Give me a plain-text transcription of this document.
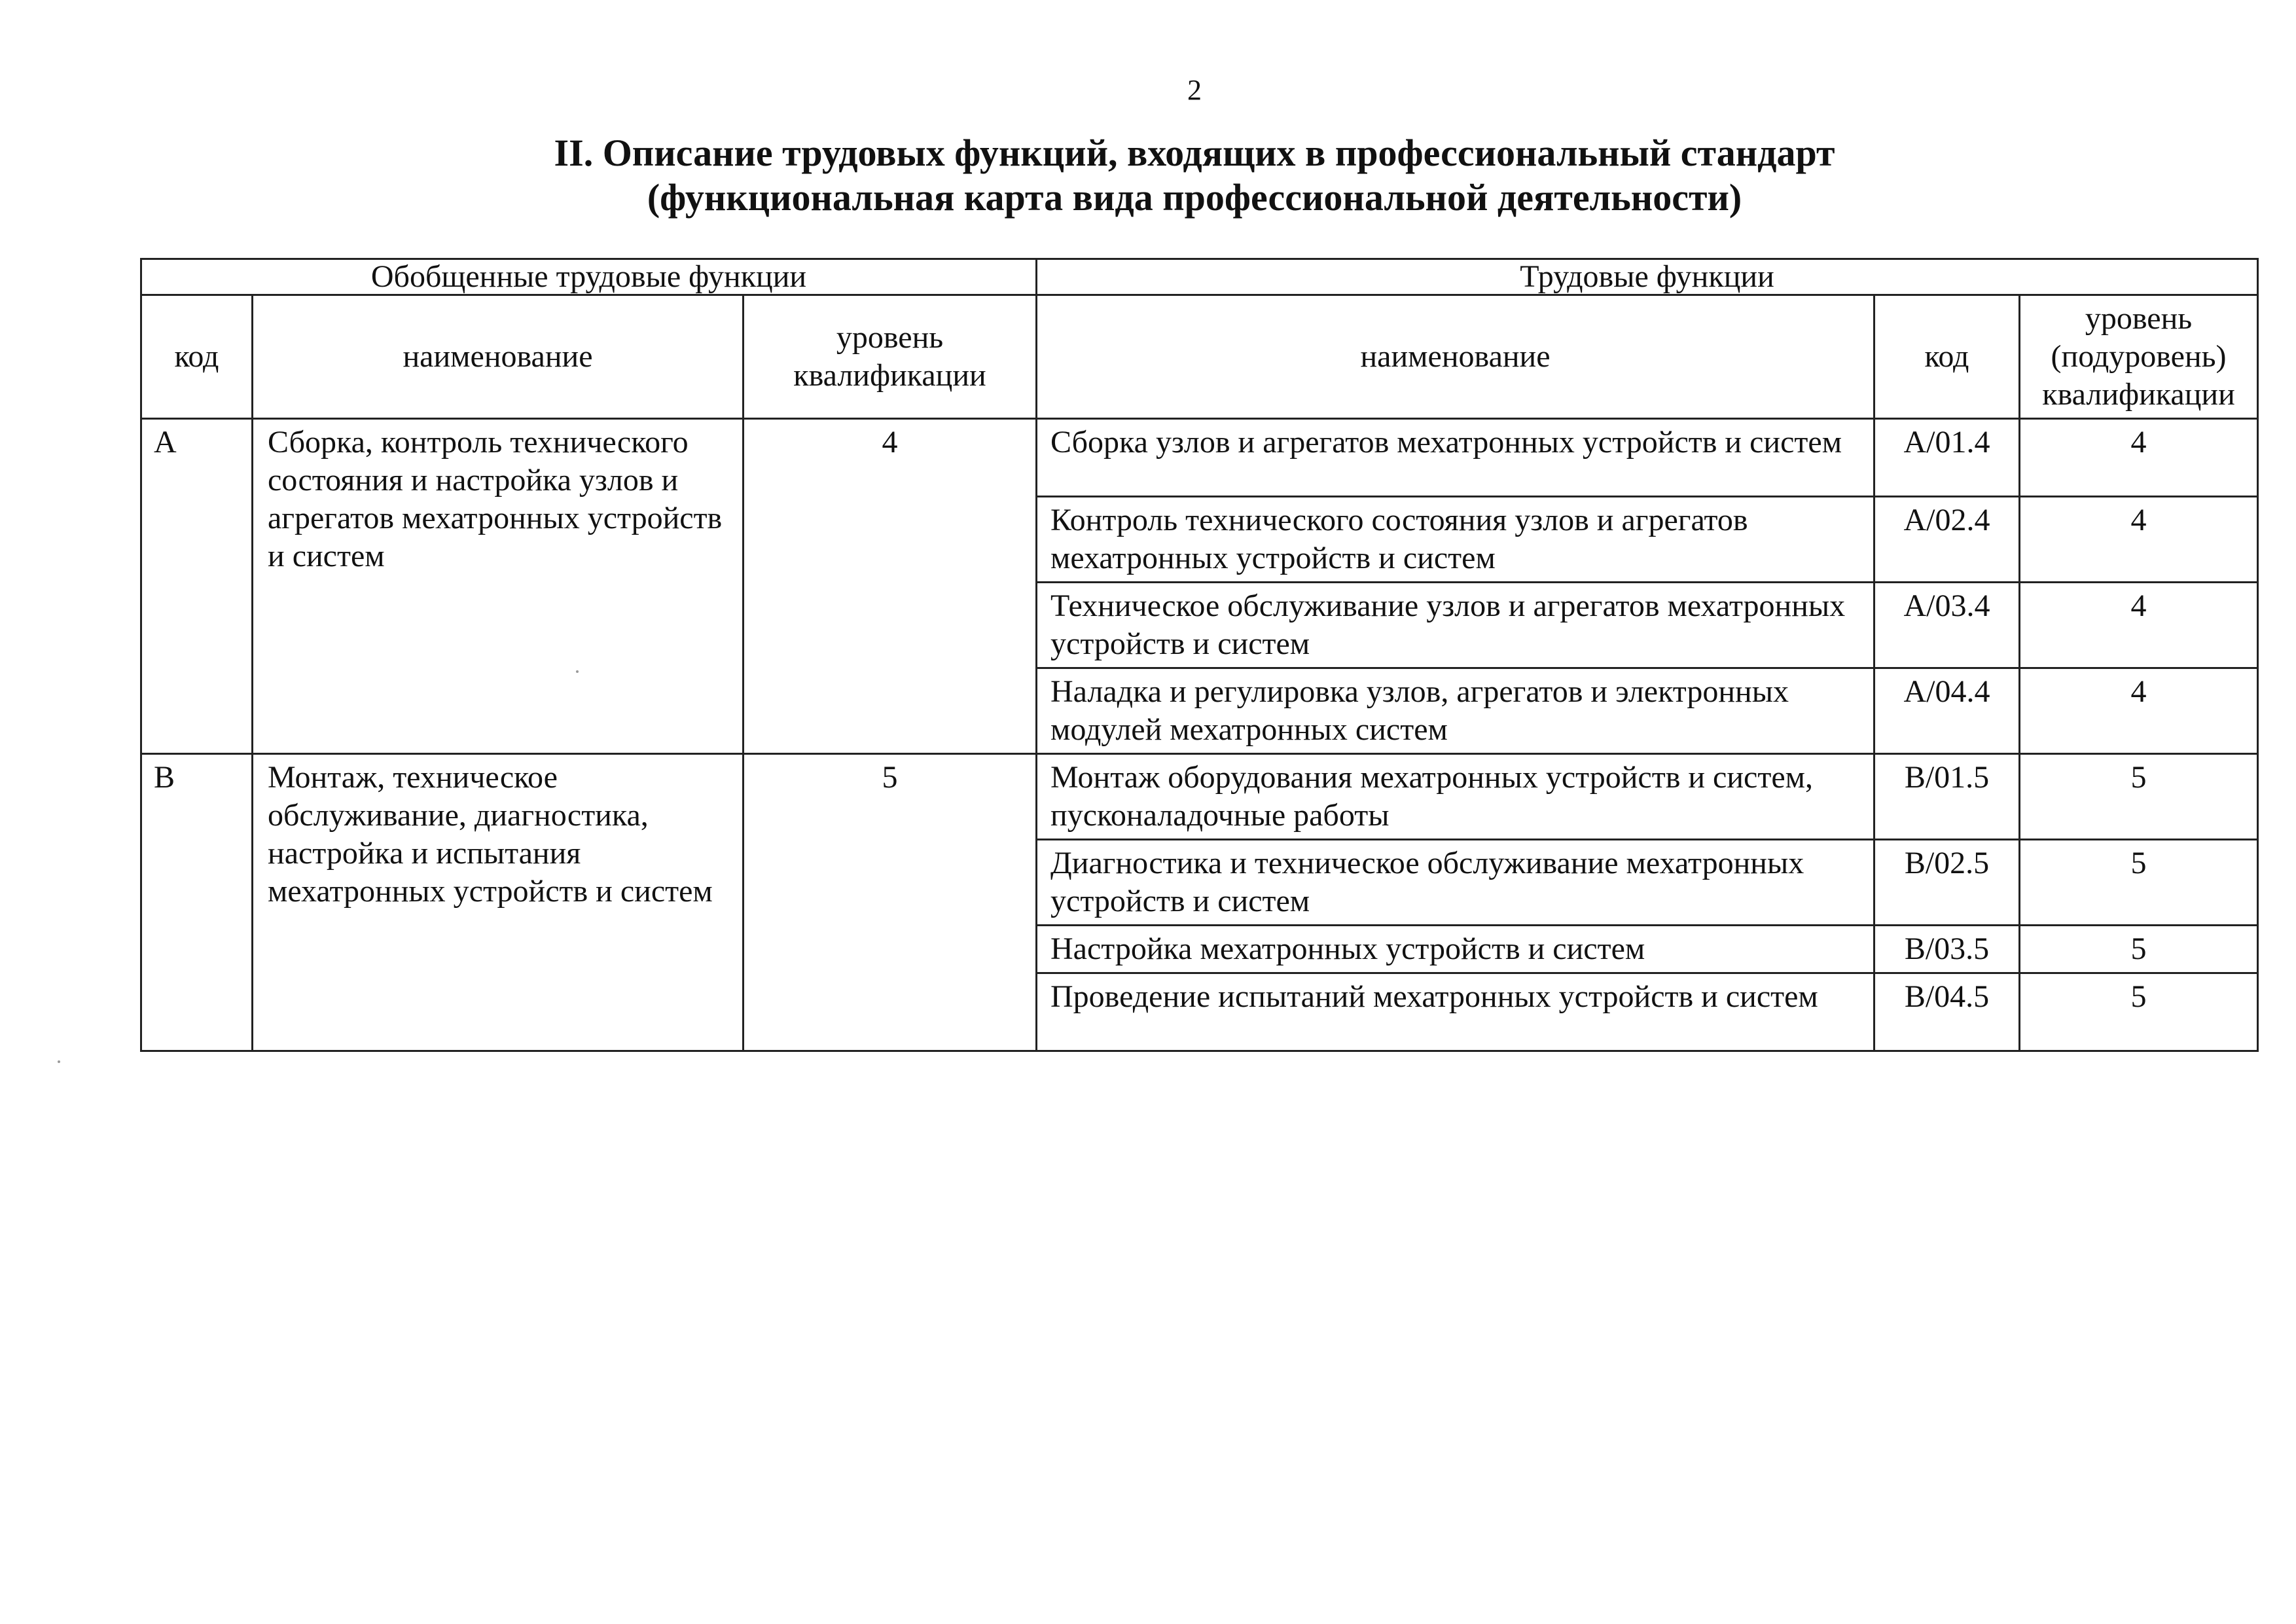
2
II. Описание трудовых функций, входящих в профессиональный стандарт
(функциональная карта вида профессиональной деятельности)
Обобщенные трудовые функции			Трудовые функции		
код	наименование	уровень квалификации	наименование	код	уровень (подуровень) квалификации
A	Сборка, контроль технического состояния и настройка узлов и агрегатов мехатронных устройств и систем	4	Сборка узлов и агрегатов мехатронных устройств и систем	A/01.4	4
			Контроль технического состояния узлов и агрегатов мехатронных устройств и систем	A/02.4	4
			Техническое обслуживание узлов и агрегатов мехатронных устройств и систем	A/03.4	4
			Наладка и регулировка узлов, агрегатов и электронных модулей мехатронных систем	A/04.4	4
B	Монтаж, техническое обслуживание, диагностика, настройка и испытания мехатронных устройств и систем	5	Монтаж оборудования мехатронных устройств и систем, пусконаладочные работы	B/01.5	5
			Диагностика и техническое обслуживание мехатронных устройств и систем	B/02.5	5
			Настройка мехатронных устройств и систем	B/03.5	5
			Проведение испытаний мехатронных устройств и систем	B/04.5	5
